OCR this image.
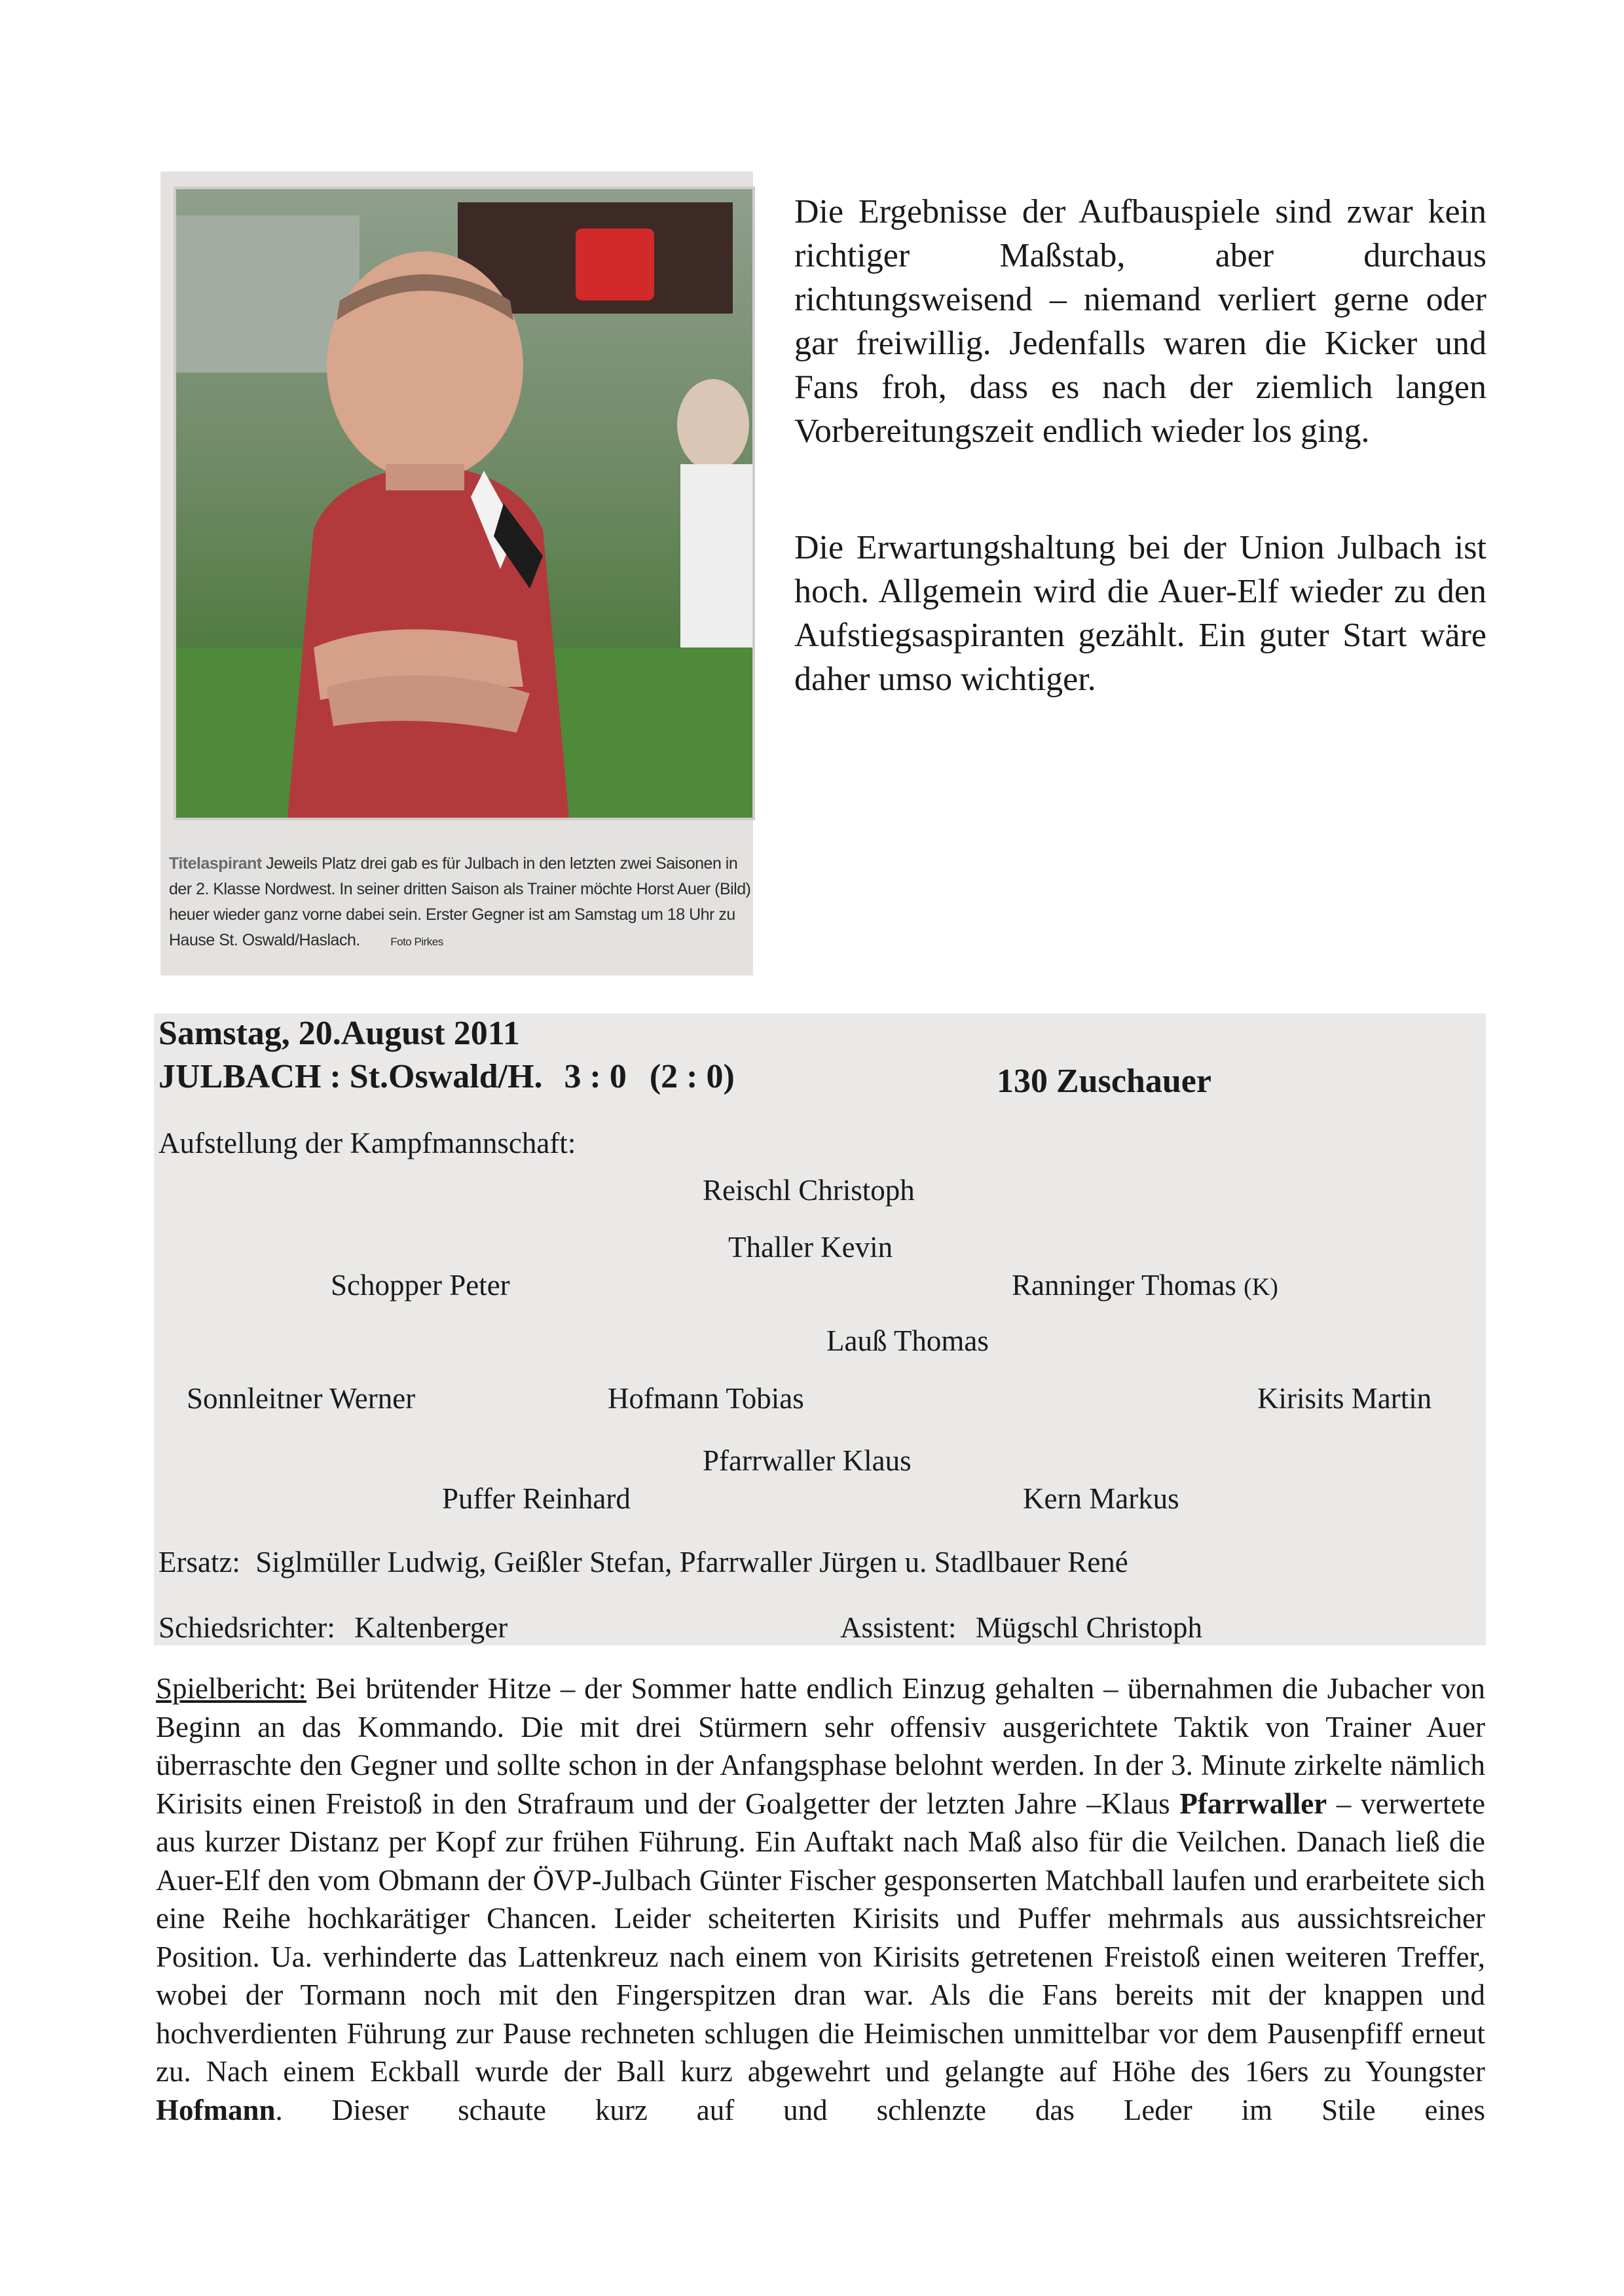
Titelaspirant Jeweils Platz drei gab es für Julbach in den letzten zwei Saisonen in der 2. Klasse Nordwest. In seiner dritten Saison als Trainer möchte Horst Auer (Bild) heuer wieder ganz vorne dabei sein. Erster Gegner ist am Samstag um 18 Uhr zu Hause St. Oswald/Haslach.	Foto Pirkes

Die Ergebnisse der Aufbauspiele sind zwar kein richtiger Maßstab, aber durchaus richtungsweisend – niemand verliert gerne oder gar freiwillig. Jedenfalls waren die Kicker und Fans froh, dass es nach der ziemlich langen Vorbereitungszeit endlich wieder los ging.

Die Erwartungshaltung bei der Union Julbach ist hoch. Allgemein wird die Auer-Elf wieder zu den Aufstiegsaspiranten gezählt. Ein guter Start wäre daher umso wichtiger.

Samstag, 20.August 2011
JULBACH : St.Oswald/H. 3 : 0 (2 : 0)	130 Zuschauer
Aufstellung der Kampfmannschaft:
Reischl Christoph
Thaller Kevin
Schopper Peter	Ranninger Thomas (K)
Lauß Thomas
Sonnleitner Werner	Hofmann Tobias	Kirisits Martin
Pfarrwaller Klaus
Puffer Reinhard	Kern Markus
Ersatz: Siglmüller Ludwig, Geißler Stefan, Pfarrwaller Jürgen u. Stadlbauer René
Schiedsrichter: Kaltenberger	Assistent: Mügschl Christoph

Spielbericht: Bei brütender Hitze – der Sommer hatte endlich Einzug gehalten – übernahmen die Jubacher von Beginn an das Kommando. Die mit drei Stürmern sehr offensiv ausgerichtete Taktik von Trainer Auer überraschte den Gegner und sollte schon in der Anfangsphase belohnt werden. In der 3. Minute zirkelte nämlich Kirisits einen Freistoß in den Strafraum und der Goalgetter der letzten Jahre –Klaus Pfarrwaller – verwertete aus kurzer Distanz per Kopf zur frühen Führung. Ein Auftakt nach Maß also für die Veilchen. Danach ließ die Auer-Elf den vom Obmann der ÖVP-Julbach Günter Fischer gesponserten Matchball laufen und erarbeitete sich eine Reihe hochkarätiger Chancen. Leider scheiterten Kirisits und Puffer mehrmals aus aussichtsreicher Position. Ua. verhinderte das Lattenkreuz nach einem von Kirisits getretenen Freistoß einen weiteren Treffer, wobei der Tormann noch mit den Fingerspitzen dran war. Als die Fans bereits mit der knappen und hochverdienten Führung zur Pause rechneten schlugen die Heimischen unmittelbar vor dem Pausenpfiff erneut zu. Nach einem Eckball wurde der Ball kurz abgewehrt und gelangte auf Höhe des 16ers zu Youngster Hofmann. Dieser schaute kurz auf und schlenzte das Leder im Stile eines
